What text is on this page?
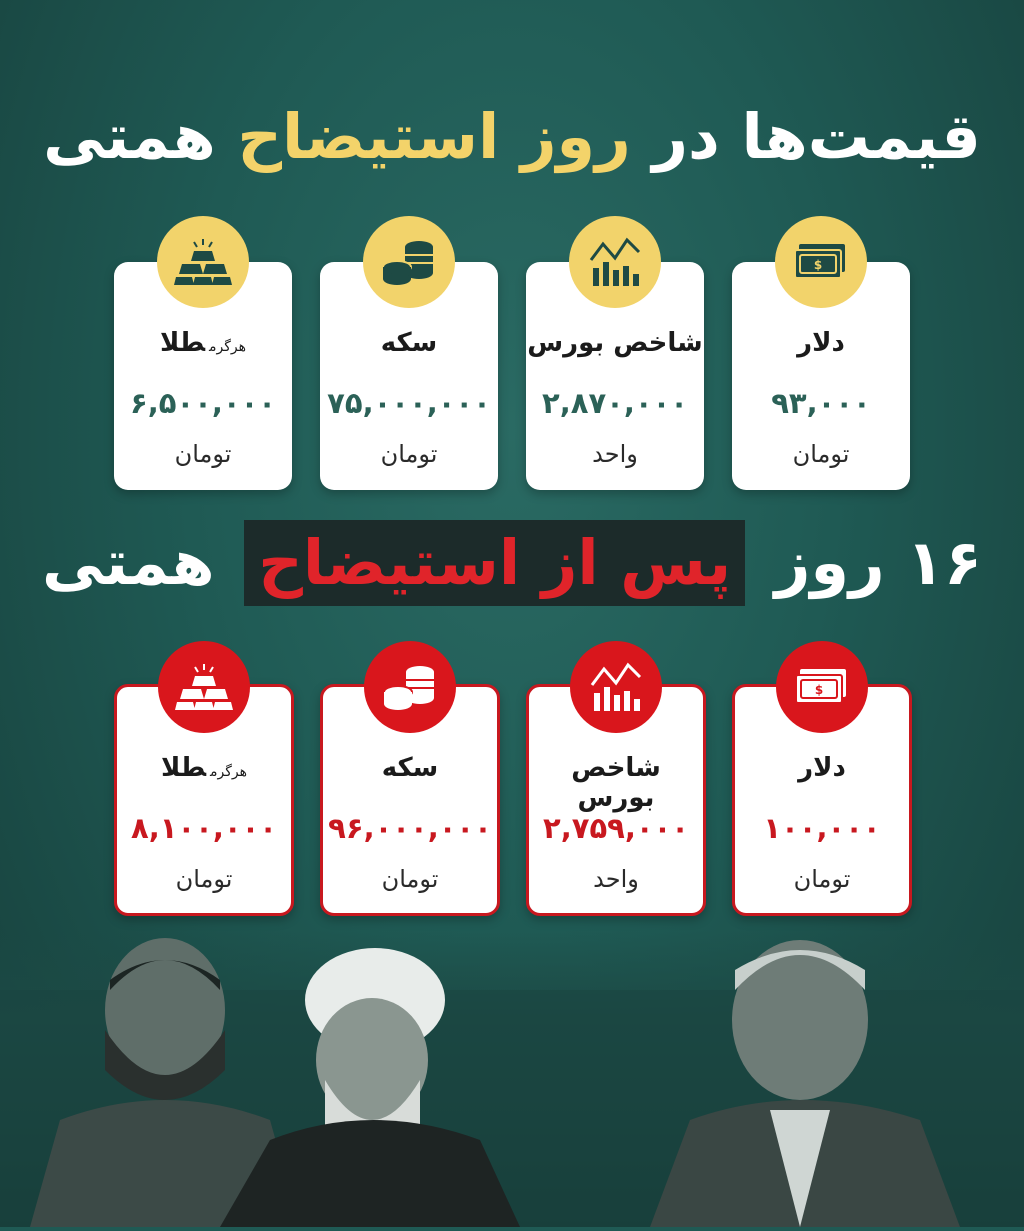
قیمت‌ها در روز استیضاح همتی
$
دلار
۹۳,۰۰۰
تومان
شاخص بورس
۲,۸۷۰,۰۰۰
واحد
سکه
۷۵,۰۰۰,۰۰۰
تومان
هرگرمطلا
۶,۵۰۰,۰۰۰
تومان
۱۶ روز پس از استیضاح همتی
$
دلار
۱۰۰,۰۰۰
تومان
شاخص بورس
۲,۷۵۹,۰۰۰
واحد
سکه
۹۶,۰۰۰,۰۰۰
تومان
هرگرمطلا
۸,۱۰۰,۰۰۰
تومان
